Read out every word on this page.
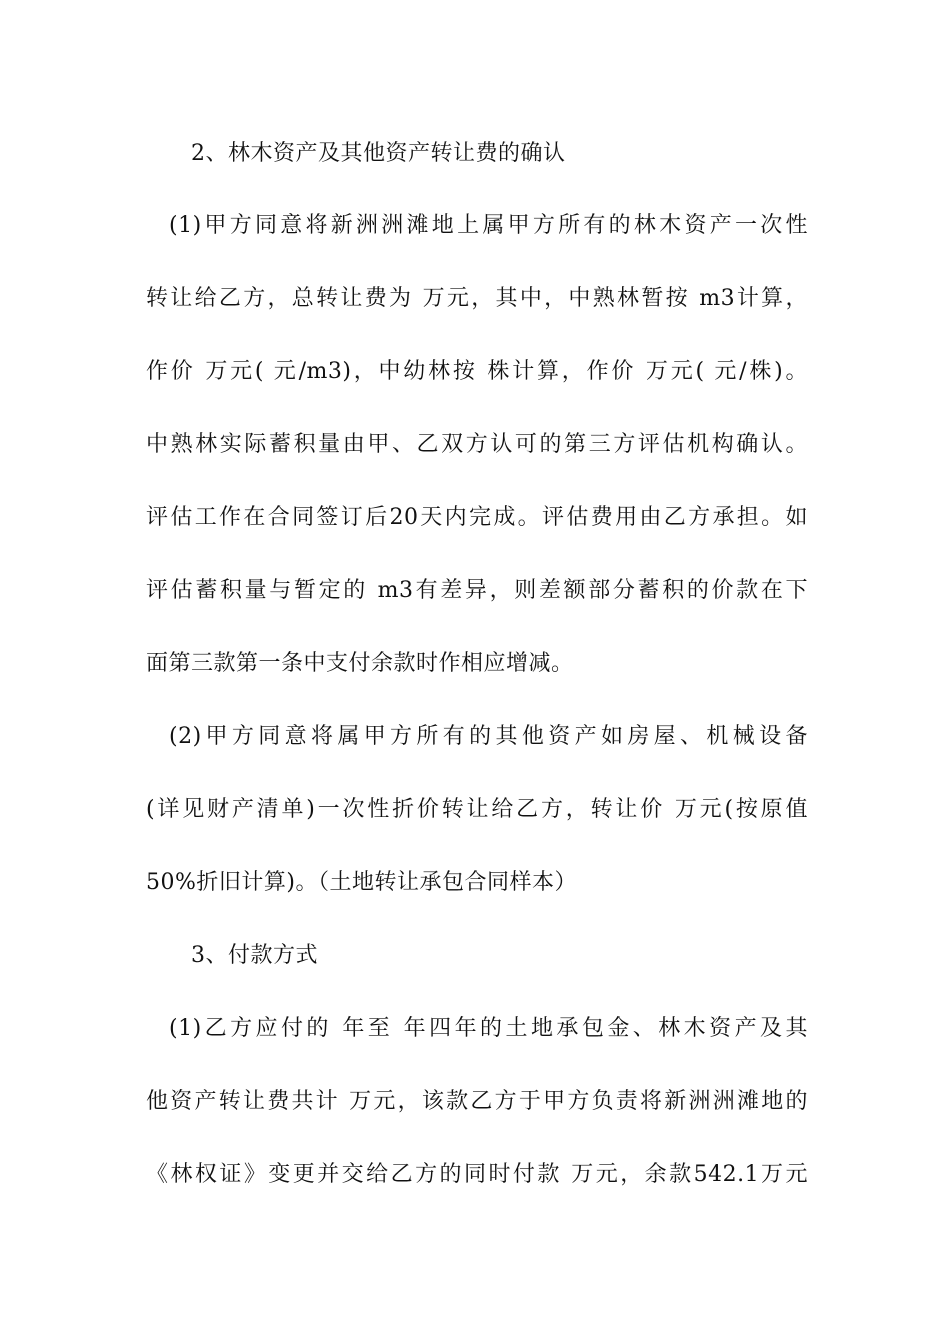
2、林木资产及其他资产转让费的确认
(1)甲方同意将新洲洲滩地上属甲方所有的林木资产一次性
转让给乙方，总转让费为 万元，其中，中熟林暂按 m3计算，
作价 万元( 元/m3)，中幼林按 株计算，作价 万元( 元/株)。
中熟林实际蓄积量由甲、乙双方认可的第三方评估机构确认。
评估工作在合同签订后20天内完成。评估费用由乙方承担。如
评估蓄积量与暂定的 m3有差异，则差额部分蓄积的价款在下
面第三款第一条中支付余款时作相应增减。
(2)甲方同意将属甲方所有的其他资产如房屋、机械设备
(详见财产清单)一次性折价转让给乙方，转让价 万元(按原值
50%折旧计算)。（土地转让承包合同样本）
3、付款方式
(1)乙方应付的 年至 年四年的土地承包金、林木资产及其
他资产转让费共计 万元，该款乙方于甲方负责将新洲洲滩地的
《林权证》变更并交给乙方的同时付款 万元，余款542.1万元
